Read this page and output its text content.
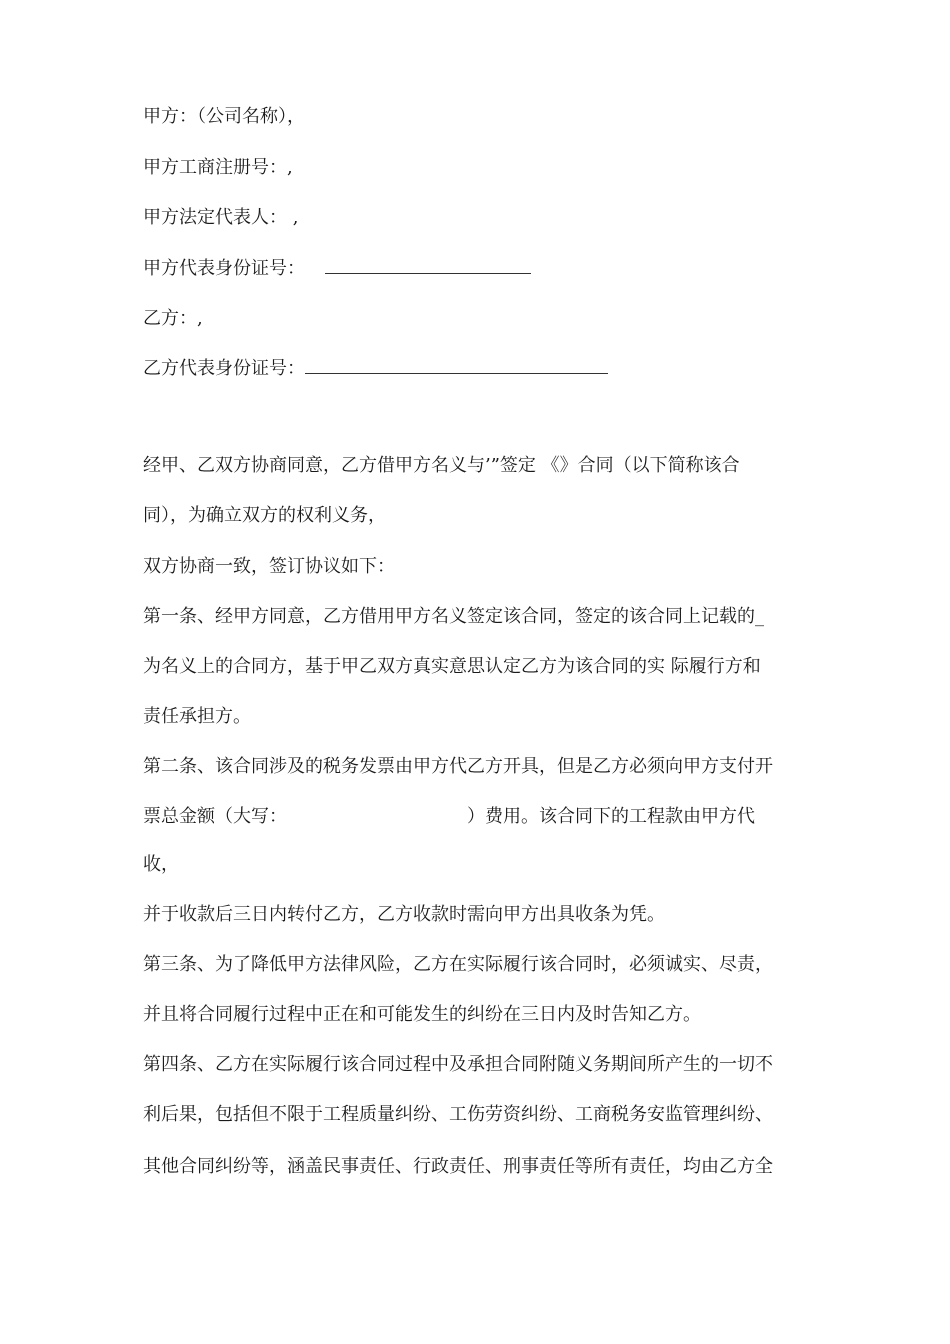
甲方：（公司名称），
甲方工商注册号：,
甲方法定代表人： ,
甲方代表身份证号：
乙方：,
乙方代表身份证号：
经甲、乙双方协商同意，乙方借甲方名义与’”签定 《》合同（以下简称该合
同），为确立双方的权利义务，
双方协商一致，签订协议如下：
第一条、经甲方同意，乙方借用甲方名义签定该合同，签定的该合同上记载的_
为名义上的合同方，基于甲乙双方真实意思认定乙方为该合同的实 际履行方和
责任承担方。
第二条、该合同涉及的税务发票由甲方代乙方开具，但是乙方必须向甲方支付开
票总金额（大写：	）费用。该合同下的工程款由甲方代
收，
并于收款后三日内转付乙方，乙方收款时需向甲方出具收条为凭。
第三条、为了降低甲方法律风险，乙方在实际履行该合同时，必须诚实、尽责，
并且将合同履行过程中正在和可能发生的纠纷在三日内及时告知乙方。
第四条、乙方在实际履行该合同过程中及承担合同附随义务期间所产生的一切不
利后果，包括但不限于工程质量纠纷、工伤劳资纠纷、工商税务安监管理纠纷、
其他合同纠纷等，涵盖民事责任、行政责任、刑事责任等所有责任，均由乙方全
